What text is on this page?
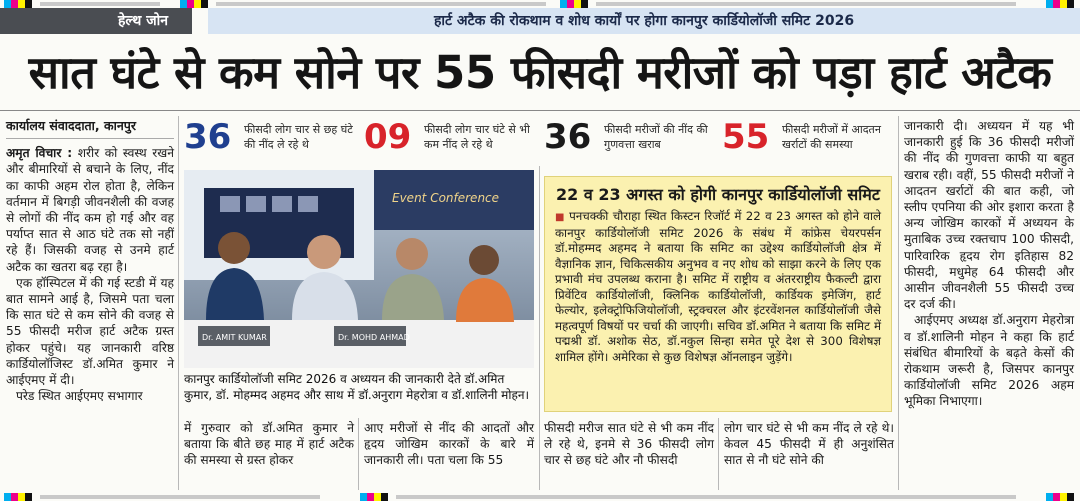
हेल्थ जोन	हार्ट अटैक की रोकथाम व शोध कार्यों पर होगा कानपुर कार्डियोलॉजी समिट 2026
सात घंटे से कम सोने पर 55 फीसदी मरीजों को पड़ा हार्ट अटैक
कार्यालय संवाददाता, कानपुर

अमृत विचार : शरीर को स्वस्थ रखने और बीमारियों से बचाने के लिए, नींद का काफी अहम रोल होता है, लेकिन वर्तमान में बिगड़ी जीवनशैली की वजह से लोगों की नींद कम हो गई और वह पर्याप्त सात से आठ घंटे तक सो नहीं रहे हैं। जिसकी वजह से उनमे हार्ट अटैक का खतरा बढ़ रहा है।

एक हॉस्पिटल में की गई स्टडी में यह बात सामने आई है, जिसमे पता चला कि सात घंटे से कम सोने की वजह से 55 फीसदी मरीज हार्ट अटैक ग्रस्त होकर पहुंचे। यह जानकारी वरिष्ठ कार्डियोलॉजिस्ट डॉ.अमित कुमार ने आईएमए में दी।

परेड स्थित आईएमए सभागार

36 फीसदी लोग चार से छह घंटे की नींद ले रहे थे	09 फीसदी लोग चार घंटे से भी कम नींद ले रहे थे	36 फीसदी मरीजों की नींद की गुणवत्ता खराब	55 फीसदी मरीजों में आदतन खर्राटों की समस्या
Event Conference
Dr. AMIT KUMAR	Dr. MOHD AHMAD
कानपुर कार्डियोलॉजी समिट 2026 व अध्ययन की जानकारी देते डॉ.अमित कुमार, डॉ. मोहम्मद अहमद और साथ में डॉ.अनुराग मेहरोत्रा व डॉ.शालिनी मोहन।
में गुरुवार को डॉ.अमित कुमार ने बताया कि बीते छह माह में हार्ट अटैक की समस्या से ग्रस्त होकर
आए मरीजों से नींद की आदतों और हृदय जोखिम कारकों के बारे में जानकारी ली। पता चला कि 55
22 व 23 अगस्त को होगी कानपुर कार्डियोलॉजी समिट
■ पनचक्की चौराहा स्थित किस्टन रिजॉर्ट में 22 व 23 अगस्त को होने वाले कानपुर कार्डियोलॉजी समिट 2026 के संबंध में कांफ्रेस चेयरपर्सन डॉ.मोहम्मद अहमद ने बताया कि समिट का उद्देश्य कार्डियोलॉजी क्षेत्र में वैज्ञानिक ज्ञान, चिकित्सकीय अनुभव व नए शोध को साझा करने के लिए एक प्रभावी मंच उपलब्ध कराना है। समिट में राष्ट्रीय व अंतरराष्ट्रीय फैकल्टी द्वारा प्रिवेंटिव कार्डियोलॉजी, क्लिनिक कार्डियोलॉजी, कार्डियक इमेजिंग, हार्ट फेल्योर, इलेक्ट्रोफिजियोलॉजी, स्ट्रक्चरल और इंटरवेंशनल कार्डियोलॉजी जैसे महत्वपूर्ण विषयों पर चर्चा की जाएगी। सचिव डॉ.अमित ने बताया कि समिट में पद्मश्री डॉ. अशोक सेठ, डॉ.नकुल सिन्हा समेत पूरे देश से 300 विशेषज्ञ शामिल होंगे। अमेरिका से कुछ विशेषज्ञ ऑनलाइन जुड़ेंगे।
फीसदी मरीज सात घंटे से भी कम नींद ले रहे थे, इनमे से 36 फीसदी लोग चार से छह घंटे और नौ फीसदी
लोग चार घंटे से भी कम नींद ले रहे थे। केवल 45 फीसदी में ही अनुशंसित सात से नौ घंटे सोने की

जानकारी दी। अध्ययन में यह भी जानकारी हुई कि 36 फीसदी मरीजों की नींद की गुणवत्ता काफी या बहुत खराब रही। वहीं, 55 फीसदी मरीजों ने आदतन खर्राटों की बात कही, जो स्लीप एपनिया की ओर इशारा करता है अन्य जोखिम कारकों में अध्ययन के मुताबिक उच्च रक्तचाप 100 फीसदी, पारिवारिक हृदय रोग इतिहास 82 फीसदी, मधुमेह 64 फीसदी और आसीन जीवनशैली 55 फीसदी उच्च दर दर्ज की।

आईएमए अध्यक्ष डॉ.अनुराग मेहरोत्रा व डॉ.शालिनी मोहन ने कहा कि हार्ट संबंधित बीमारियों के बढ़ते केसों की रोकथाम जरूरी है, जिसपर कानपुर कार्डियोलॉजी समिट 2026 अहम भूमिका निभाएगा।
